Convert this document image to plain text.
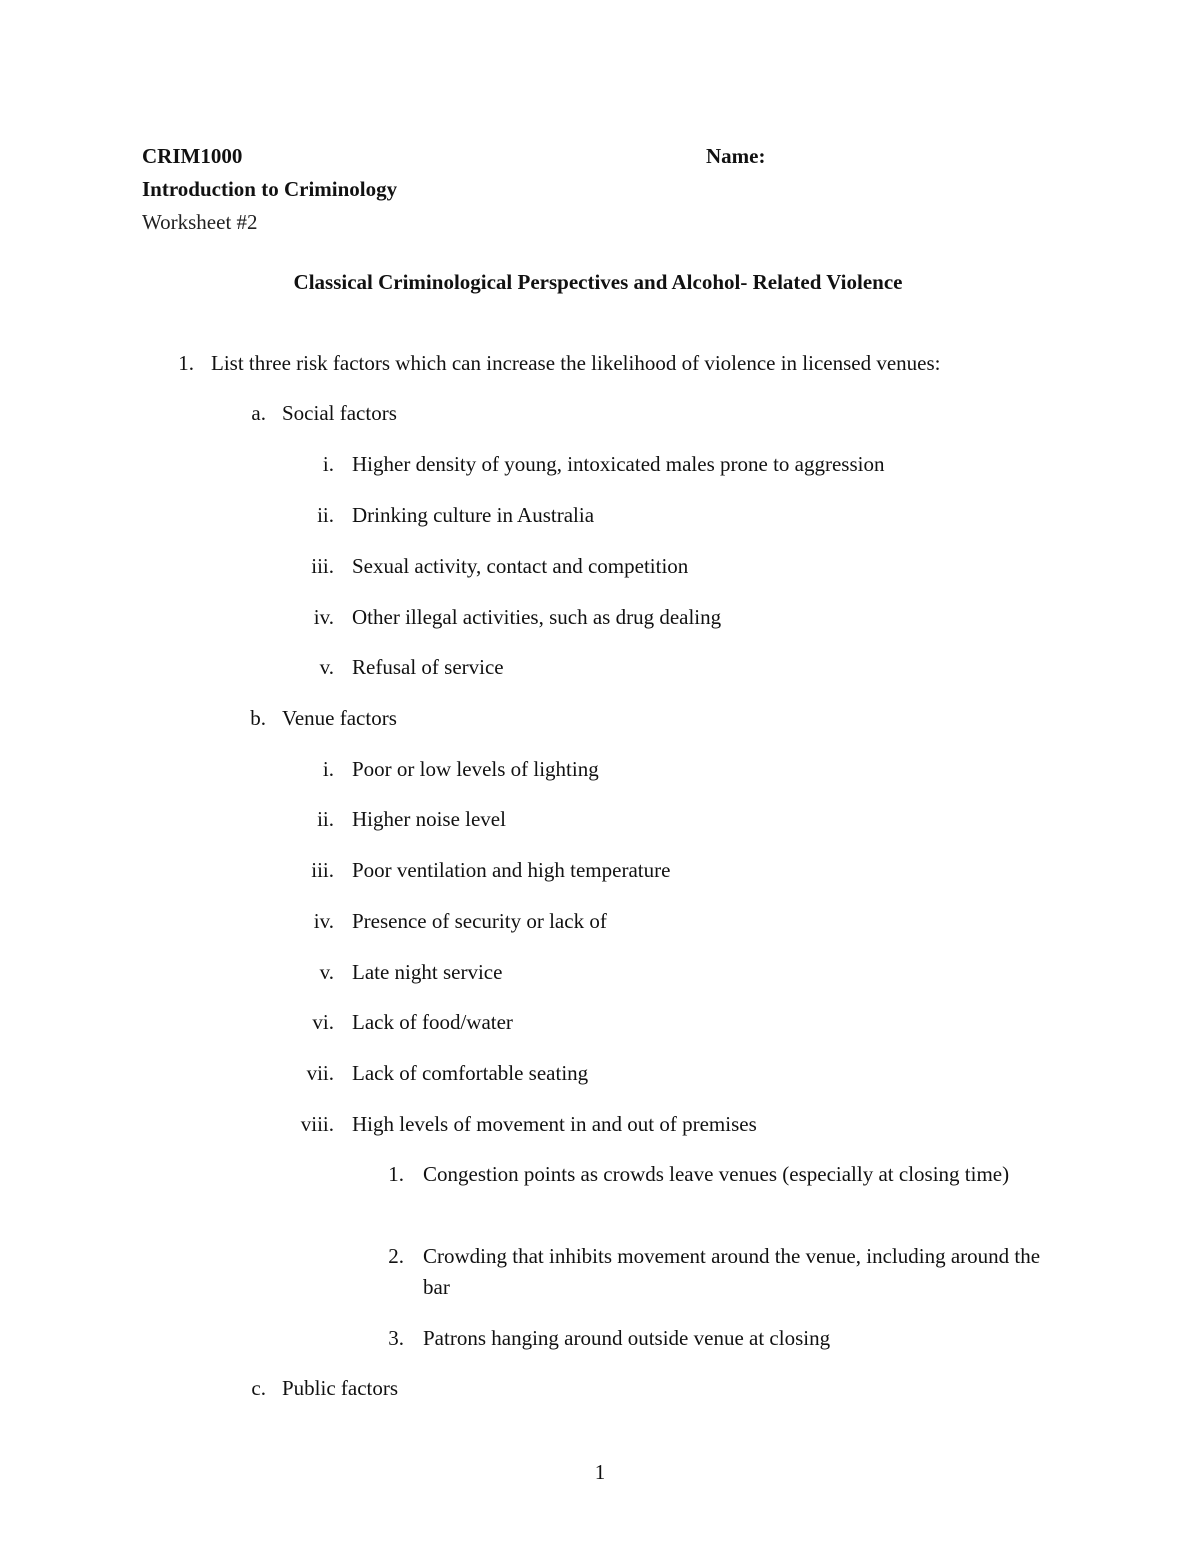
CRIM1000	Name:
Introduction to Criminology
Worksheet #2
Classical Criminological Perspectives and Alcohol- Related Violence
1. List three risk factors which can increase the likelihood of violence in licensed venues:
a. Social factors
i. Higher density of young, intoxicated males prone to aggression
ii. Drinking culture in Australia
iii. Sexual activity, contact and competition
iv. Other illegal activities, such as drug dealing
v. Refusal of service
b. Venue factors
i. Poor or low levels of lighting
ii. Higher noise level
iii. Poor ventilation and high temperature
iv. Presence of security or lack of
v. Late night service
vi. Lack of food/water
vii. Lack of comfortable seating
viii. High levels of movement in and out of premises
1. Congestion points as crowds leave venues (especially at closing time)
2. Crowding that inhibits movement around the venue, including around the bar
3. Patrons hanging around outside venue at closing
c. Public factors
1
